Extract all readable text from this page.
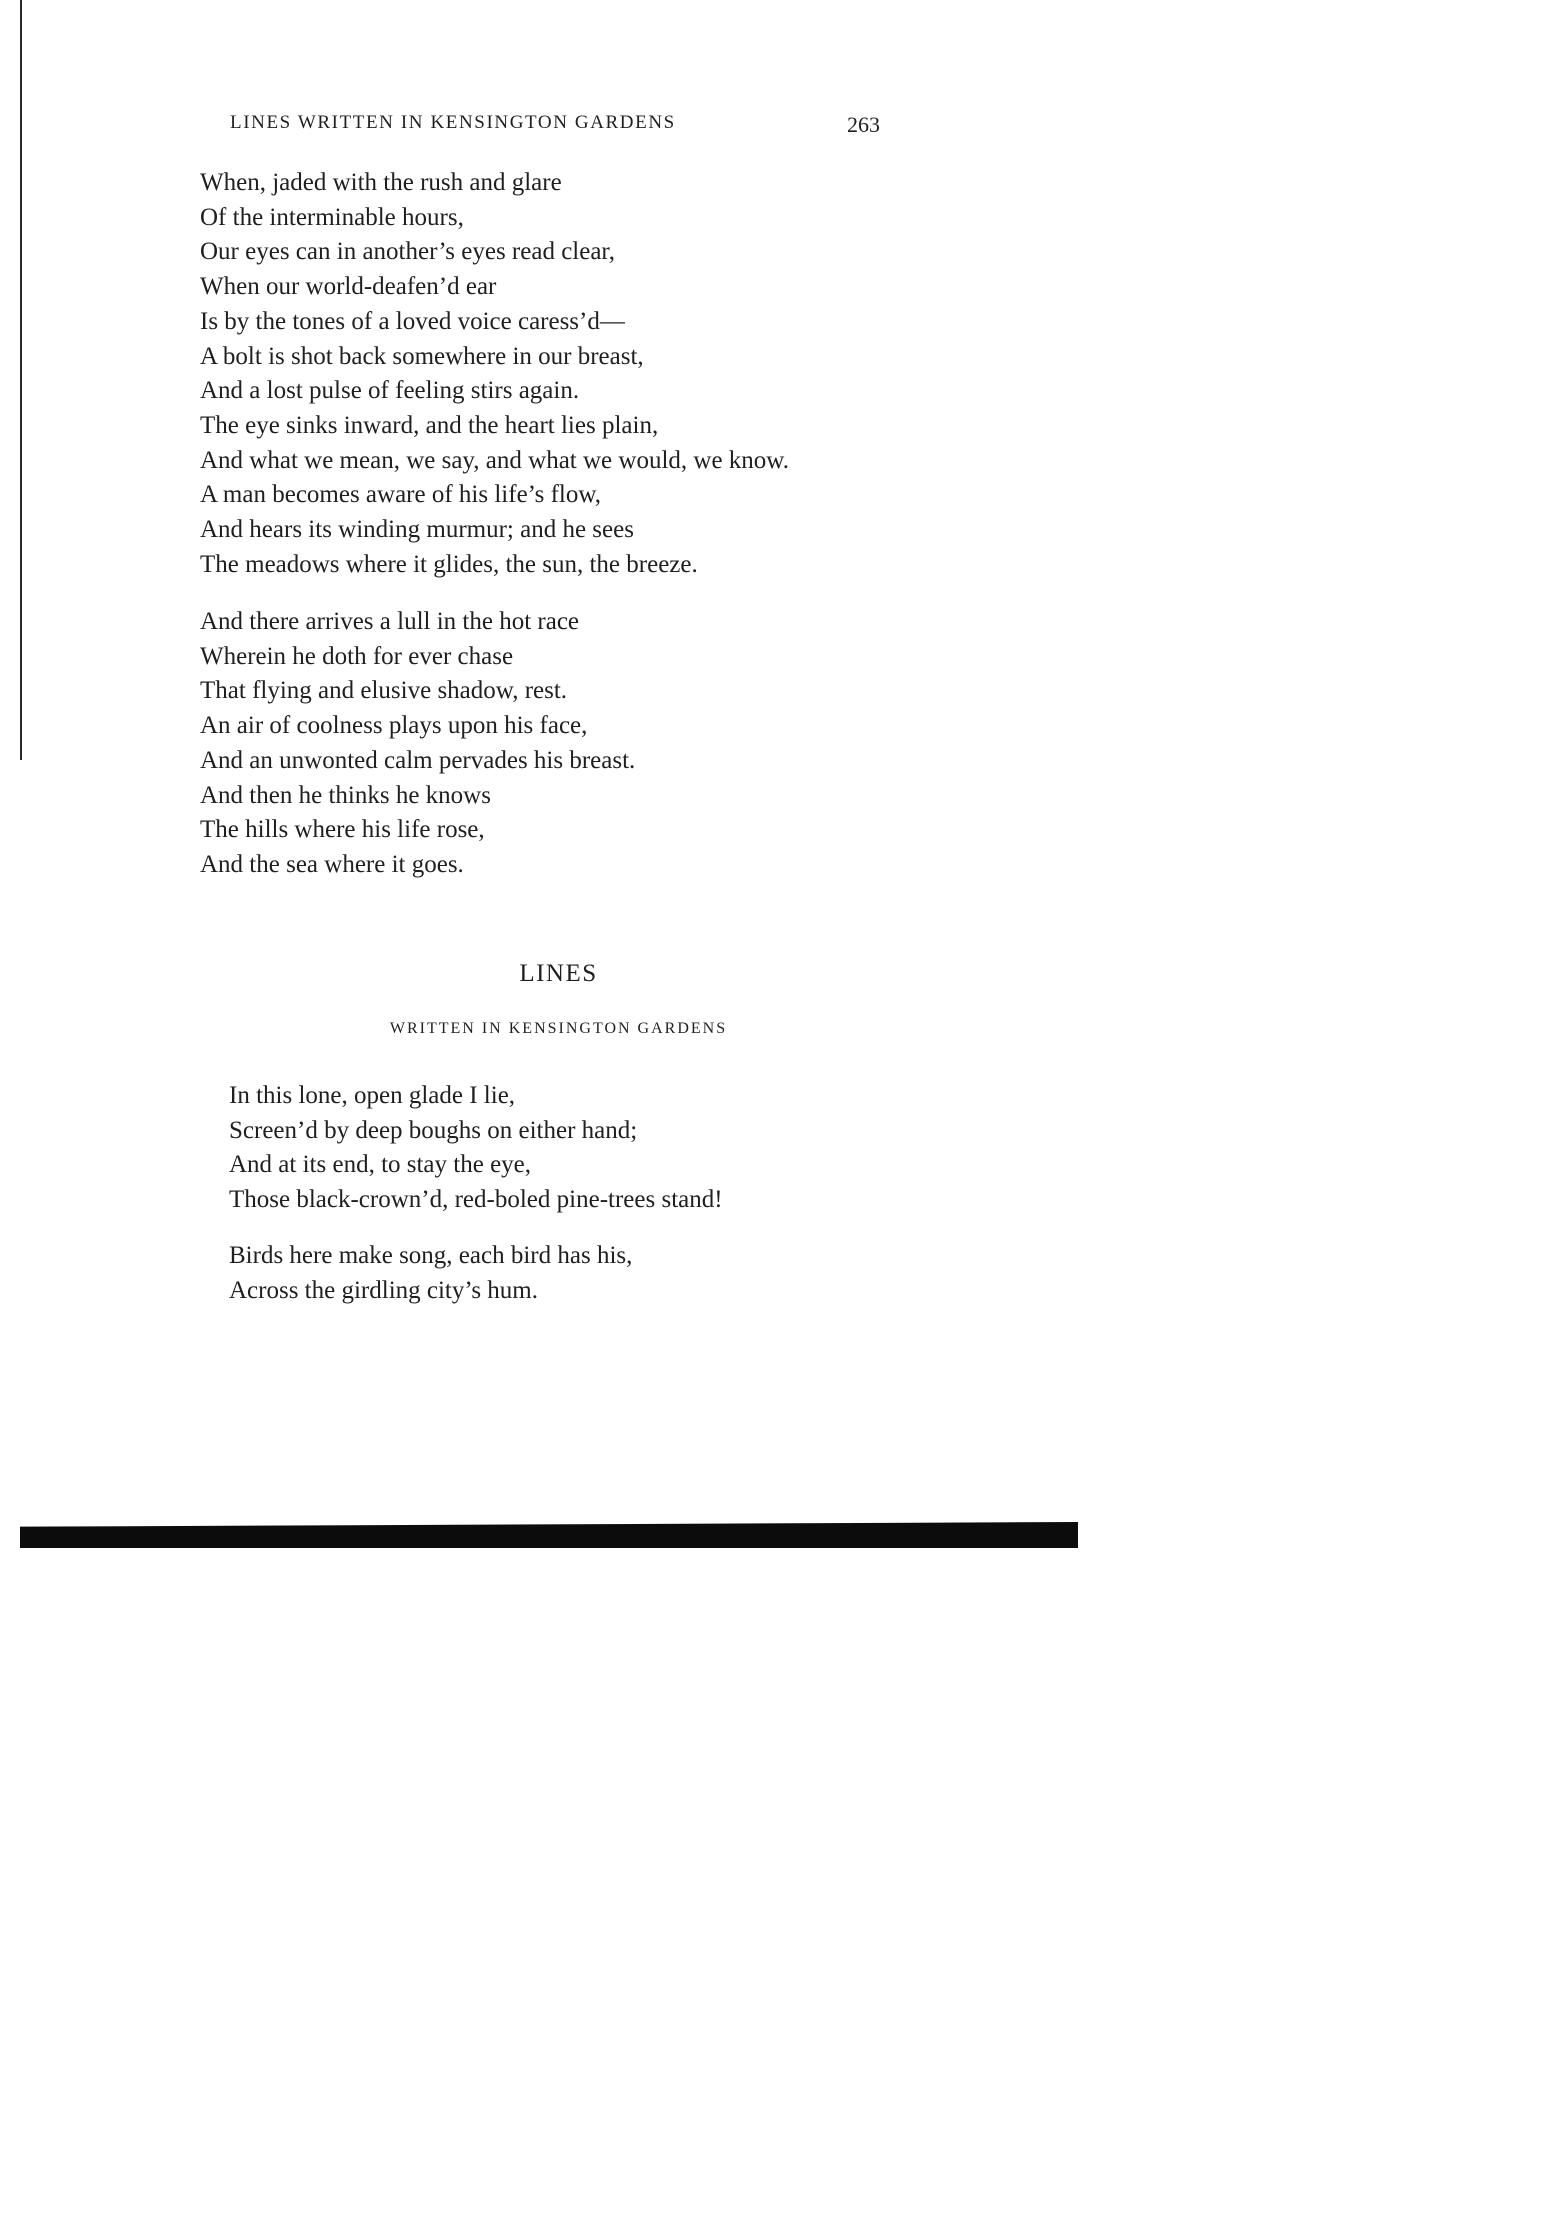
LINES WRITTEN IN KENSINGTON GARDENS	263
When, jaded with the rush and glare
Of the interminable hours,
Our eyes can in another’s eyes read clear,
When our world-deafen’d ear
Is by the tones of a loved voice caress’d—
A bolt is shot back somewhere in our breast,
And a lost pulse of feeling stirs again.
The eye sinks inward, and the heart lies plain,
And what we mean, we say, and what we would, we know.
A man becomes aware of his life’s flow,
And hears its winding murmur; and he sees
The meadows where it glides, the sun, the breeze.
And there arrives a lull in the hot race
Wherein he doth for ever chase
That flying and elusive shadow, rest.
An air of coolness plays upon his face,
And an unwonted calm pervades his breast.
And then he thinks he knows
The hills where his life rose,
And the sea where it goes.
LINES
WRITTEN IN KENSINGTON GARDENS
In this lone, open glade I lie,
Screen’d by deep boughs on either hand;
And at its end, to stay the eye,
Those black-crown’d, red-boled pine-trees stand!
Birds here make song, each bird has his,
Across the girdling city’s hum.
